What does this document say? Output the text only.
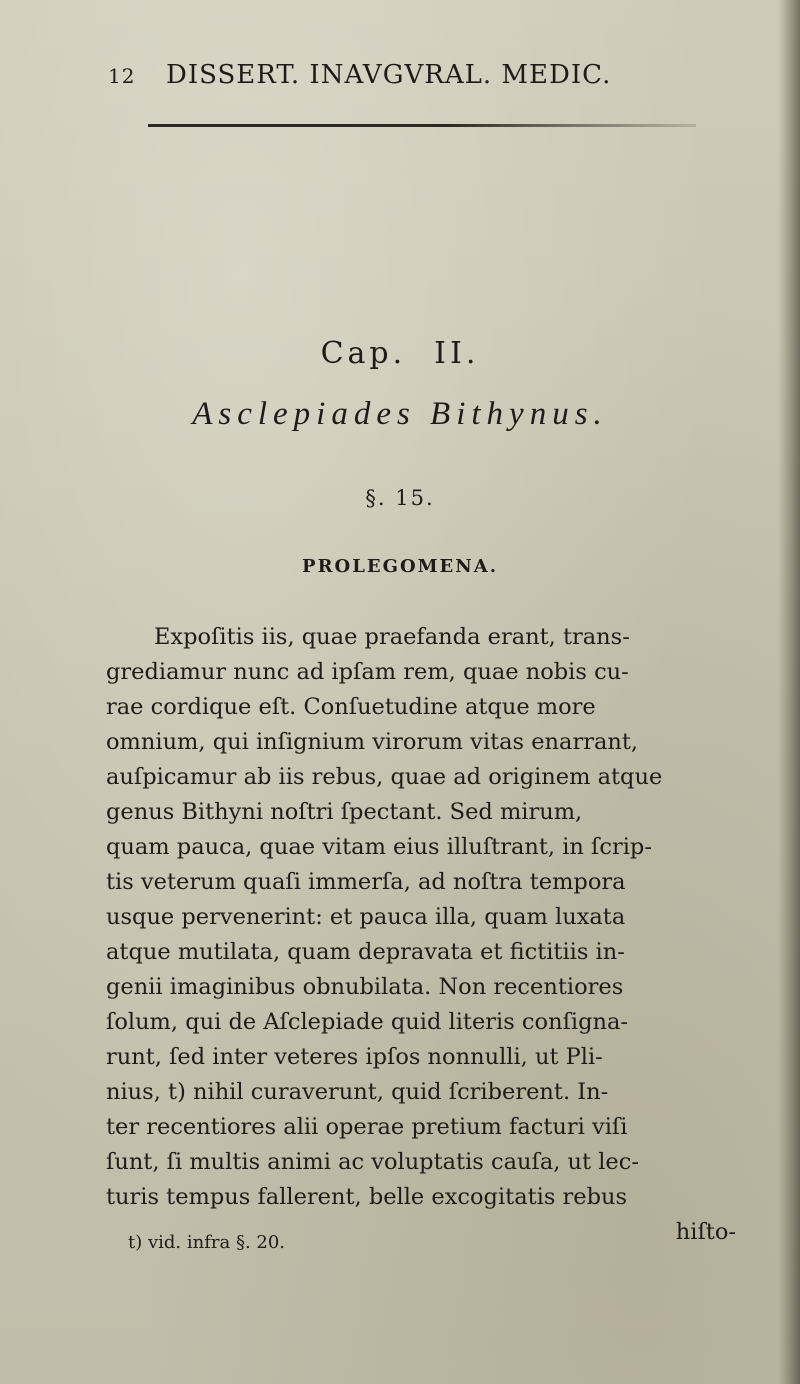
12	DISSERT. INAVGVRAL. MEDIC.
Cap. II.
Asclepiades Bithynus.
§. 15.
PROLEGOMENA.
Expoſitis iis, quae praefanda erant, trans-
grediamur nunc ad ipſam rem, quae nobis cu-
rae cordique eſt. Conſuetudine atque more
omnium, qui inſignium virorum vitas enarrant,
auſpicamur ab iis rebus, quae ad originem atque
genus Bithyni noſtri ſpectant. Sed mirum,
quam pauca, quae vitam eius illuſtrant, in ſcrip-
tis veterum quaſi immerſa, ad noſtra tempora
usque pervenerint: et pauca illa, quam luxata
atque mutilata, quam depravata et fictitiis in-
genii imaginibus obnubilata. Non recentiores
ſolum, qui de Aſclepiade quid literis conſigna-
runt, ſed inter veteres ipſos nonnulli, ut Pli-
nius, t) nihil curaverunt, quid ſcriberent. In-
ter recentiores alii operae pretium facturi viſi
ſunt, ſi multis animi ac voluptatis cauſa, ut lec-
turis tempus fallerent, belle excogitatis rebus
hiſto-
t) vid. infra §. 20.
